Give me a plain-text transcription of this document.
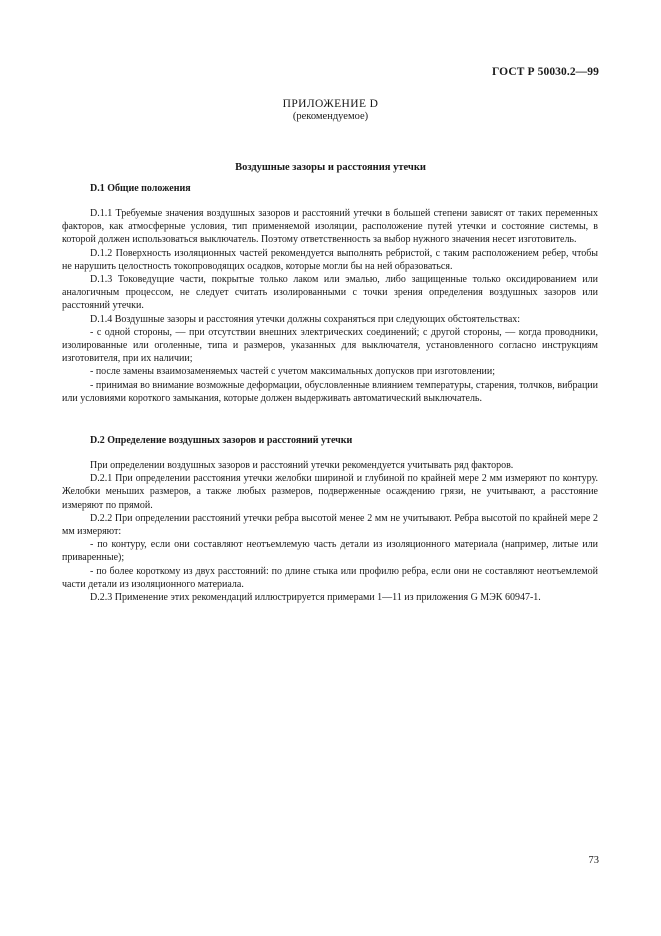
ГОСТ Р 50030.2—99
ПРИЛОЖЕНИЕ D
(рекомендуемое)
Воздушные зазоры и расстояния утечки
D.1 Общие положения

D.1.1 Требуемые значения воздушных зазоров и расстояний утечки в большей степени зависят от таких переменных факторов, как атмосферные условия, тип применяемой изоляции, расположение путей утечки и состояние системы, в которой должен использоваться выключатель. Поэтому ответственность за выбор нужного значения несет изготовитель.

D.1.2 Поверхность изоляционных частей рекомендуется выполнять ребристой, с таким расположением ребер, чтобы не нарушить целостность токопроводящих осадков, которые могли бы на ней образоваться.

D.1.3 Токоведущие части, покрытые только лаком или эмалью, либо защищенные только оксидированием или аналогичным процессом, не следует считать изолированными с точки зрения определения воздушных зазоров или расстояний утечки.

D.1.4 Воздушные зазоры и расстояния утечки должны сохраняться при следующих обстоятельствах:

- с одной стороны, — при отсутствии внешних электрических соединений; с другой стороны, — когда проводники, изолированные или оголенные, типа и размеров, указанных для выключателя, установленного согласно инструкциям изготовителя, при их наличии;

- после замены взаимозаменяемых частей с учетом максимальных допусков при изготовлении;

- принимая во внимание возможные деформации, обусловленные влиянием температуры, старения, толчков, вибрации или условиями короткого замыкания, которые должен выдерживать автоматический выключатель.

D.2 Определение воздушных зазоров и расстояний утечки

При определении воздушных зазоров и расстояний утечки рекомендуется учитывать ряд факторов.

D.2.1 При определении расстояния утечки желобки шириной и глубиной по крайней мере 2 мм измеряют по контуру. Желобки меньших размеров, а также любых размеров, подверженные осаждению грязи, не учитывают, а расстояние измеряют по прямой.

D.2.2 При определении расстояний утечки ребра высотой менее 2 мм не учитывают. Ребра высотой по крайней мере 2 мм измеряют:

- по контуру, если они составляют неотъемлемую часть детали из изоляционного материала (например, литые или приваренные);

- по более короткому из двух расстояний: по длине стыка или профилю ребра, если они не составляют неотъемлемой части детали из изоляционного материала.

D.2.3 Применение этих рекомендаций иллюстрируется примерами 1—11 из приложения G МЭК 60947-1.

73
